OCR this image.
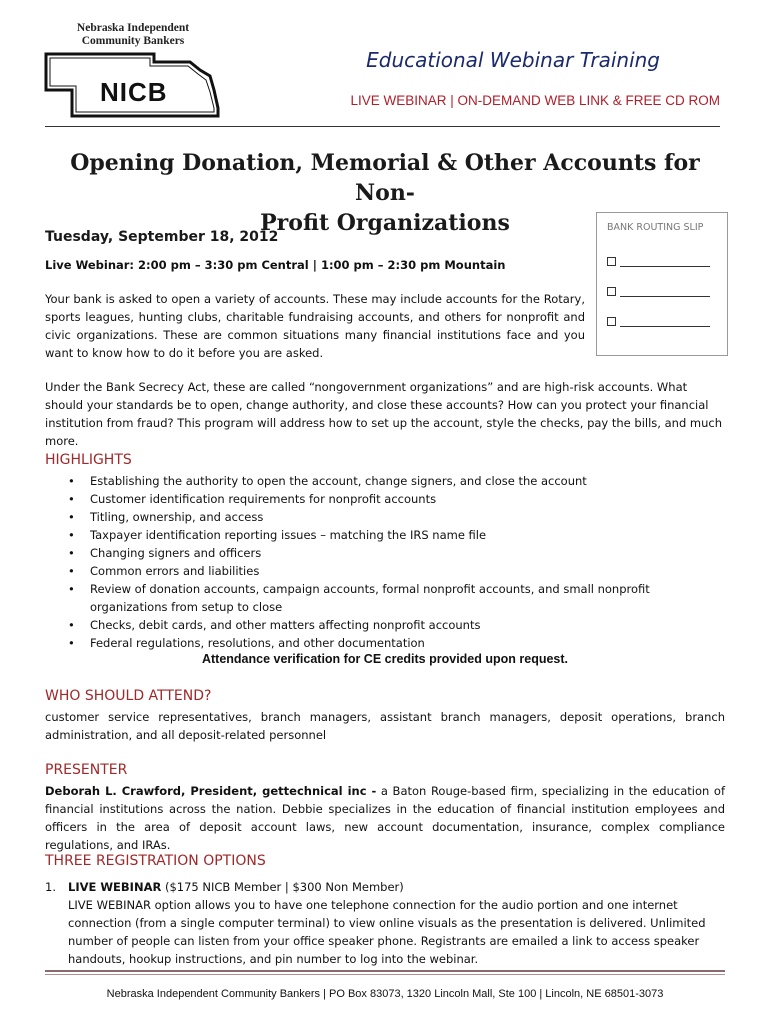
Nebraska Independent
Community Bankers
NICB
Educational Webinar Training
LIVE WEBINAR | ON-DEMAND WEB LINK & FREE CD ROM
Opening Donation, Memorial & Other Accounts for Non-
Profit Organizations
Tuesday, September 18, 2012
Live Webinar: 2:00 pm – 3:30 pm Central | 1:00 pm – 2:30 pm Mountain
BANK ROUTING SLIP
Your bank is asked to open a variety of accounts. These may include accounts for the Rotary, sports leagues, hunting clubs, charitable fundraising accounts, and others for nonprofit and civic organizations. These are common situations many financial institutions face and you want to know how to do it before you are asked.
Under the Bank Secrecy Act, these are called “nongovernment organizations” and are high-risk accounts. What should your standards be to open, change authority, and close these accounts? How can you protect your financial institution from fraud? This program will address how to set up the account, style the checks, pay the bills, and much more.
HIGHLIGHTS
• Establishing the authority to open the account, change signers, and close the account
• Customer identification requirements for nonprofit accounts
• Titling, ownership, and access
• Taxpayer identification reporting issues – matching the IRS name file
• Changing signers and officers
• Common errors and liabilities
• Review of donation accounts, campaign accounts, formal nonprofit accounts, and small nonprofit organizations from setup to close
• Checks, debit cards, and other matters affecting nonprofit accounts
• Federal regulations, resolutions, and other documentation
Attendance verification for CE credits provided upon request.
WHO SHOULD ATTEND?
customer service representatives, branch managers, assistant branch managers, deposit operations, branch administration, and all deposit-related personnel
PRESENTER
Deborah L. Crawford, President, gettechnical inc - a Baton Rouge-based firm, specializing in the education of financial institutions across the nation. Debbie specializes in the education of financial institution employees and officers in the area of deposit account laws, new account documentation, insurance, complex compliance regulations, and IRAs.
THREE REGISTRATION OPTIONS
1. LIVE WEBINAR ($175 NICB Member | $300 Non Member)
LIVE WEBINAR option allows you to have one telephone connection for the audio portion and one internet connection (from a single computer terminal) to view online visuals as the presentation is delivered. Unlimited number of people can listen from your office speaker phone. Registrants are emailed a link to access speaker handouts, hookup instructions, and pin number to log into the webinar.
Nebraska Independent Community Bankers | PO Box 83073, 1320 Lincoln Mall, Ste 100 | Lincoln, NE 68501-3073
